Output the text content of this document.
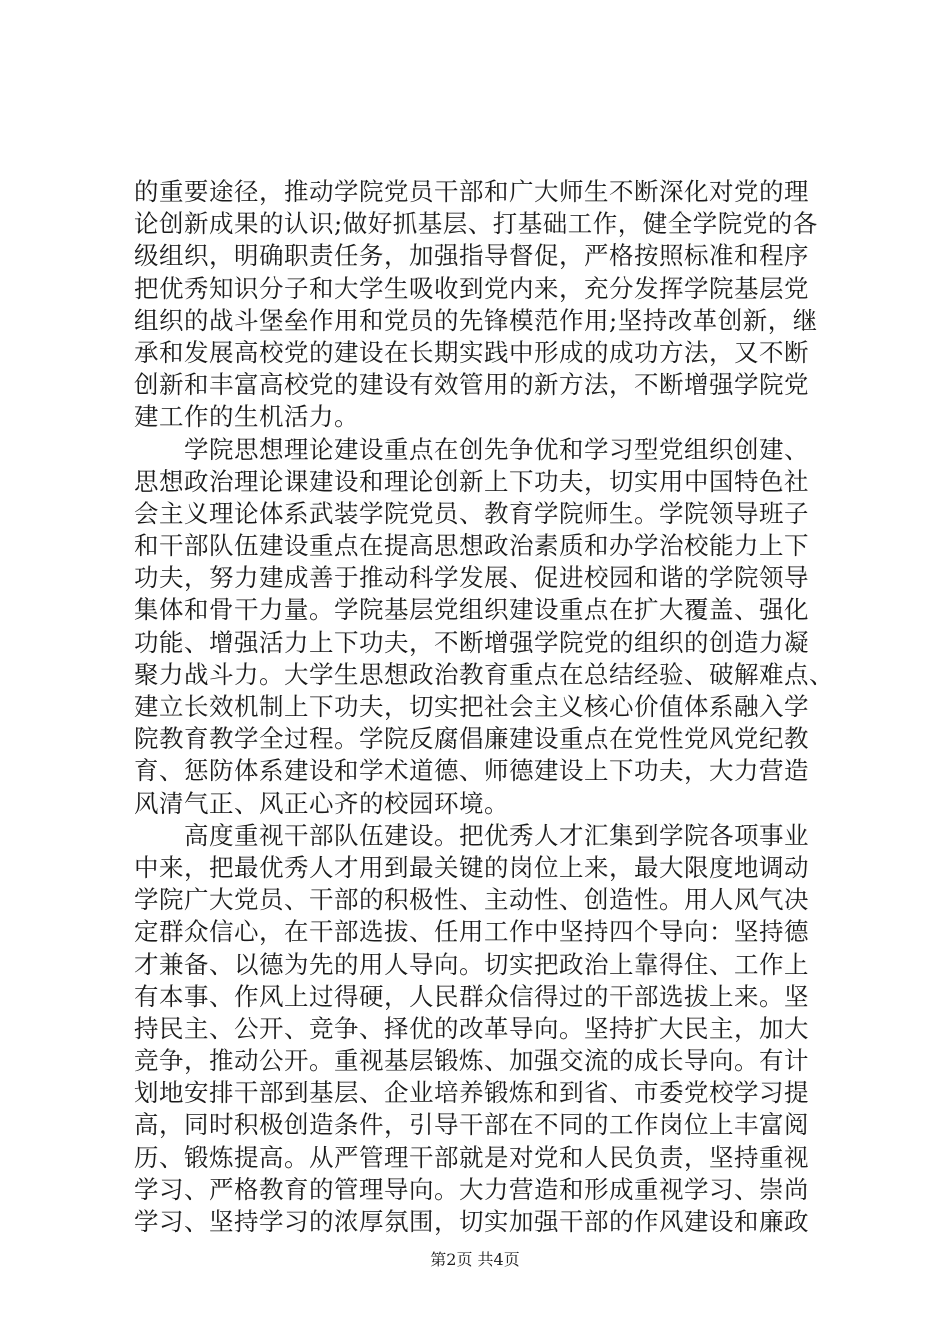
的重要途径，推动学院党员干部和广大师生不断深化对党的理
论创新成果的认识;做好抓基层、打基础工作，健全学院党的各
级组织，明确职责任务，加强指导督促，严格按照标准和程序
把优秀知识分子和大学生吸收到党内来，充分发挥学院基层党
组织的战斗堡垒作用和党员的先锋模范作用;坚持改革创新，继
承和发展高校党的建设在长期实践中形成的成功方法，又不断
创新和丰富高校党的建设有效管用的新方法，不断增强学院党
建工作的生机活力。
学院思想理论建设重点在创先争优和学习型党组织创建、
思想政治理论课建设和理论创新上下功夫，切实用中国特色社
会主义理论体系武装学院党员、教育学院师生。学院领导班子
和干部队伍建设重点在提高思想政治素质和办学治校能力上下
功夫，努力建成善于推动科学发展、促进校园和谐的学院领导
集体和骨干力量。学院基层党组织建设重点在扩大覆盖、强化
功能、增强活力上下功夫，不断增强学院党的组织的创造力凝
聚力战斗力。大学生思想政治教育重点在总结经验、破解难点、
建立长效机制上下功夫，切实把社会主义核心价值体系融入学
院教育教学全过程。学院反腐倡廉建设重点在党性党风党纪教
育、惩防体系建设和学术道德、师德建设上下功夫，大力营造
风清气正、风正心齐的校园环境。
高度重视干部队伍建设。把优秀人才汇集到学院各项事业
中来，把最优秀人才用到最关键的岗位上来，最大限度地调动
学院广大党员、干部的积极性、主动性、创造性。用人风气决
定群众信心，在干部选拔、任用工作中坚持四个导向：坚持德
才兼备、以德为先的用人导向。切实把政治上靠得住、工作上
有本事、作风上过得硬，人民群众信得过的干部选拔上来。坚
持民主、公开、竞争、择优的改革导向。坚持扩大民主，加大
竞争，推动公开。重视基层锻炼、加强交流的成长导向。有计
划地安排干部到基层、企业培养锻炼和到省、市委党校学习提
高，同时积极创造条件，引导干部在不同的工作岗位上丰富阅
历、锻炼提高。从严管理干部就是对党和人民负责，坚持重视
学习、严格教育的管理导向。大力营造和形成重视学习、崇尚
学习、坚持学习的浓厚氛围，切实加强干部的作风建设和廉政
第2页 共4页
